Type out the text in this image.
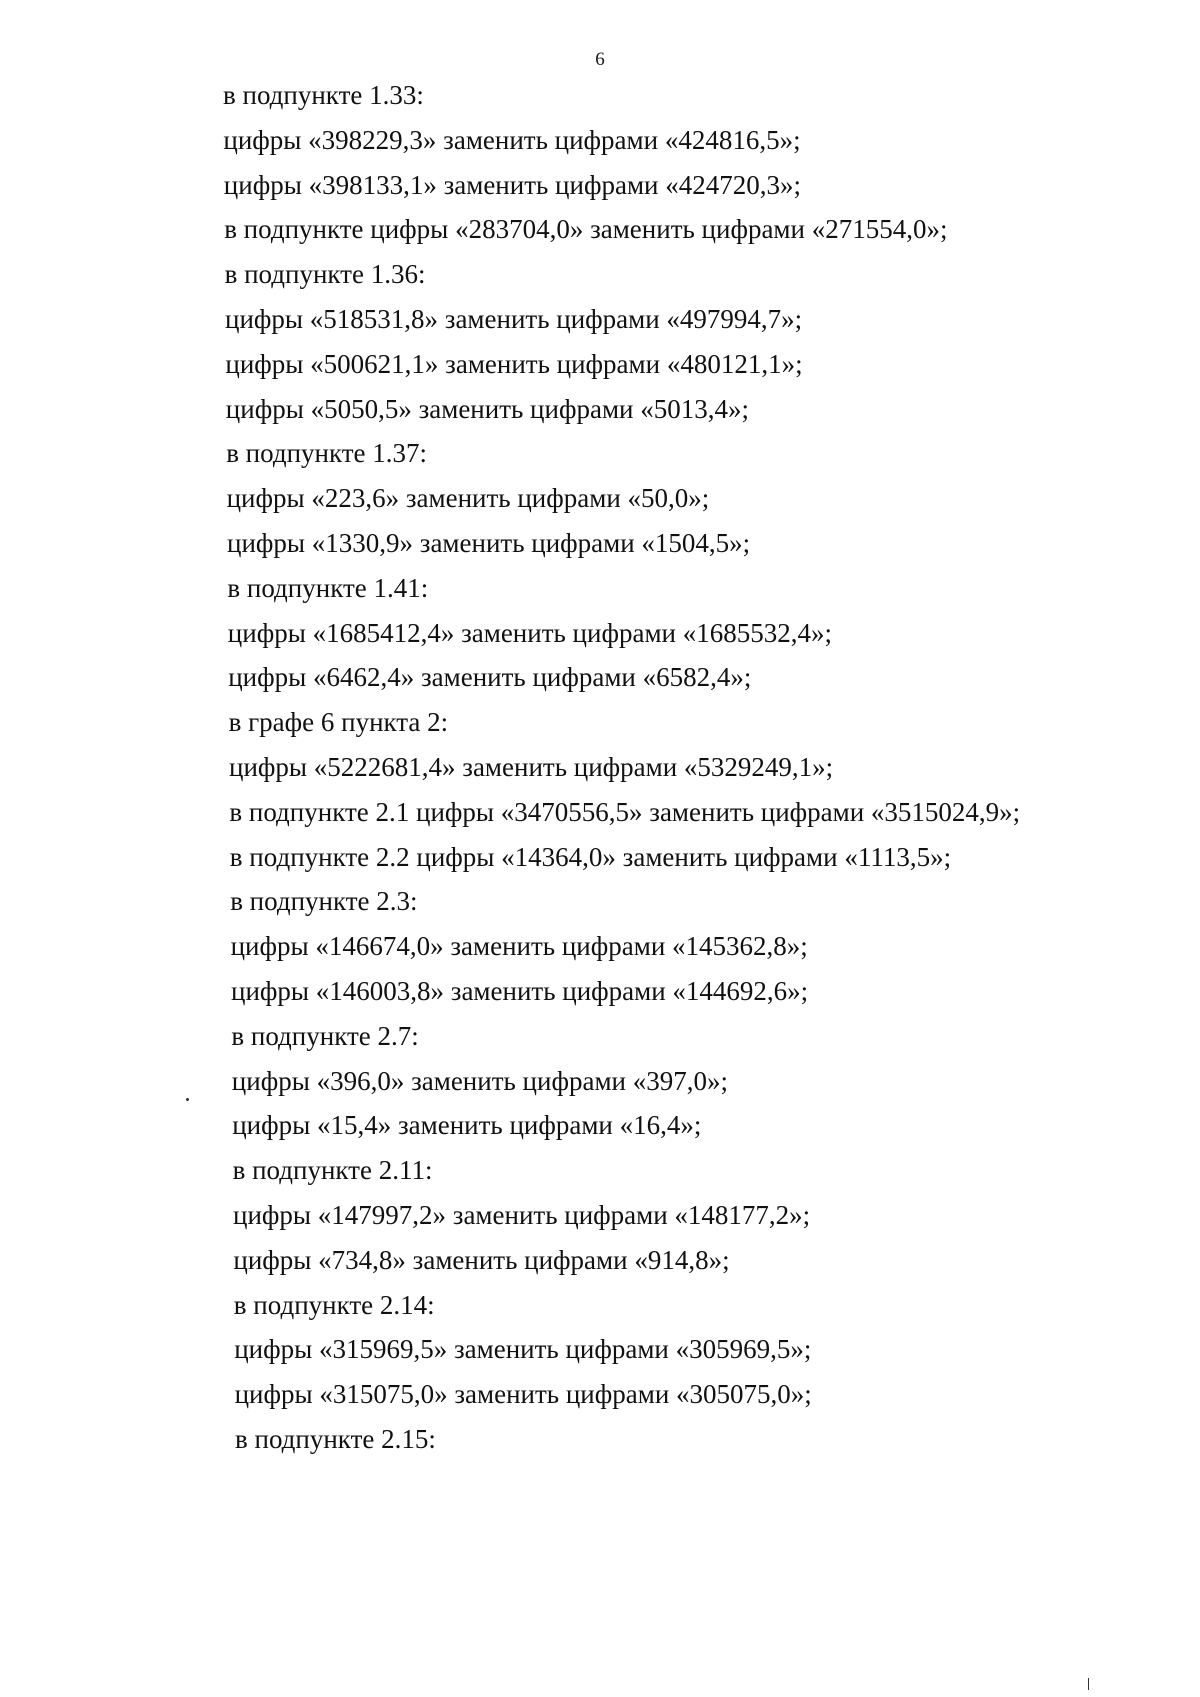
6
в подпункте 1.33:
цифры «398229,3» заменить цифрами «424816,5»;
цифры «398133,1» заменить цифрами «424720,3»;
в подпункте цифры «283704,0» заменить цифрами «271554,0»;
в подпункте 1.36:
цифры «518531,8» заменить цифрами «497994,7»;
цифры «500621,1» заменить цифрами «480121,1»;
цифры «5050,5» заменить цифрами «5013,4»;
в подпункте 1.37:
цифры «223,6» заменить цифрами «50,0»;
цифры «1330,9» заменить цифрами «1504,5»;
в подпункте 1.41:
цифры «1685412,4» заменить цифрами «1685532,4»;
цифры «6462,4» заменить цифрами «6582,4»;
в графе 6 пункта 2:
цифры «5222681,4» заменить цифрами «5329249,1»;
в подпункте 2.1 цифры «3470556,5» заменить цифрами «3515024,9»;
в подпункте 2.2 цифры «14364,0» заменить цифрами «1113,5»;
в подпункте 2.3:
цифры «146674,0» заменить цифрами «145362,8»;
цифры «146003,8» заменить цифрами «144692,6»;
в подпункте 2.7:
цифры «396,0» заменить цифрами «397,0»;
цифры «15,4» заменить цифрами «16,4»;
в подпункте 2.11:
цифры «147997,2» заменить цифрами «148177,2»;
цифры «734,8» заменить цифрами «914,8»;
в подпункте 2.14:
цифры «315969,5» заменить цифрами «305969,5»;
цифры «315075,0» заменить цифрами «305075,0»;
в подпункте 2.15:
